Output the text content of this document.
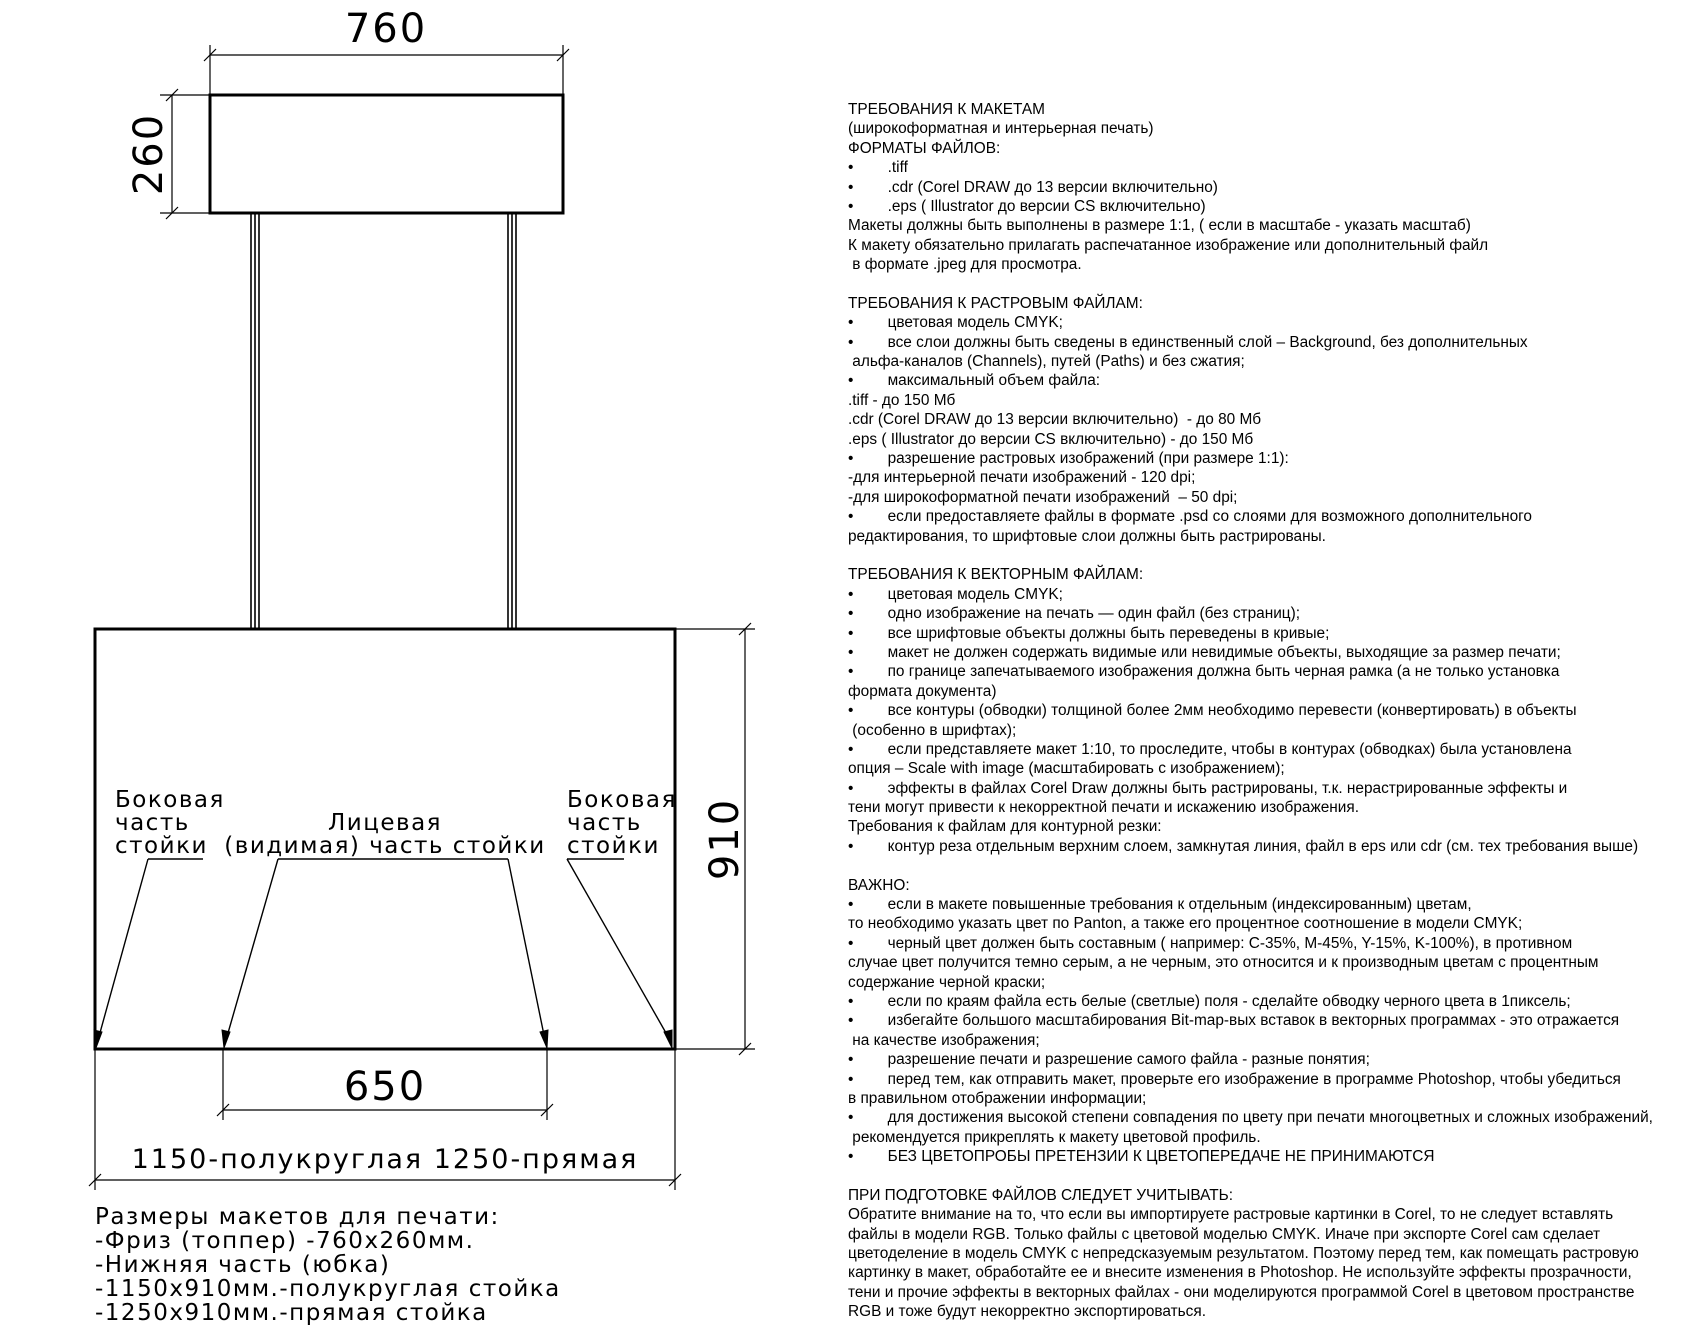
760
260
910
650
1150-полукруглая 1250-прямая
Боковая
часть
стойки
Боковая
часть
стойки
Лицевая
(видимая) часть стойки
Размеры макетов для печати:
-Фриз (топпер) -760х260мм.
-Нижняя часть (юбка)
-1150х910мм.-полукруглая стойка
-1250х910мм.-прямая стойка
ТРЕБОВАНИЯ К МАКЕТАМ
(широкоформатная и интерьерная печать)
ФОРМАТЫ ФАЙЛОВ:
•        .tiff
•        .cdr (Corel DRAW до 13 версии включительно)
•        .eps ( Illustrator до версии CS включительно)
Макеты должны быть выполнены в размере 1:1, ( если в масштабе - указать масштаб)
К макету обязательно прилагать распечатанное изображение или дополнительный файл
в формате .jpeg для просмотра.
ТРЕБОВАНИЯ К РАСТРОВЫМ ФАЙЛАМ:
•        цветовая модель CMYK;
•        все слои должны быть сведены в единственный слой – Background, без дополнительных
альфа-каналов (Channels), путей (Paths) и без сжатия;
•        максимальный объем файла:
.tiff - до 150 Мб
.cdr (Corel DRAW до 13 версии включительно)  - до 80 Мб
.eps ( Illustrator до версии CS включительно) - до 150 Мб
•        разрешение растровых изображений (при размере 1:1):
-для интерьерной печати изображений - 120 dpi;
-для широкоформатной печати изображений  – 50 dpi;
•        если предоставляете файлы в формате .psd со слоями для возможного дополнительного
редактирования, то шрифтовые слои должны быть растрированы.
ТРЕБОВАНИЯ К ВЕКТОРНЫМ ФАЙЛАМ:
•        цветовая модель CMYK;
•        одно изображение на печать — один файл (без страниц);
•        все шрифтовые объекты должны быть переведены в кривые;
•        макет не должен содержать видимые или невидимые объекты, выходящие за размер печати;
•        по границе запечатываемого изображения должна быть черная рамка (а не только установка
формата документа)
•        все контуры (обводки) толщиной более 2мм необходимо перевести (конвертировать) в объекты
(особенно в шрифтах);
•        если представляете макет 1:10, то проследите, чтобы в контурах (обводках) была установлена
опция – Scale with image (масштабировать с изображением);
•        эффекты в файлах Corel Draw должны быть растрированы, т.к. нерастрированные эффекты и
тени могут привести к некорректной печати и искажению изображения.
Требования к файлам для контурной резки:
•        контур реза отдельным верхним слоем, замкнутая линия, файл в eps или cdr (см. тех требования выше)
ВАЖНО:
•        если в макете повышенные требования к отдельным (индексированным) цветам,
то необходимо указать цвет по Panton, а также его процентное соотношение в модели CMYK;
•        черный цвет должен быть составным ( например: C-35%, M-45%, Y-15%, K-100%), в противном
случае цвет получится темно серым, а не черным, это относится и к производным цветам с процентным
содержание черной краски;
•        если по краям файла есть белые (светлые) поля - сделайте обводку черного цвета в 1пиксель;
•        избегайте большого масштабирования Bit-map-вых вставок в векторных программах - это отражается
на качестве изображения;
•        разрешение печати и разрешение самого файла - разные понятия;
•        перед тем, как отправить макет, проверьте его изображение в программе Photoshop, чтобы убедиться
в правильном отображении информации;
•        для достижения высокой степени совпадения по цвету при печати многоцветных и сложных изображений,
рекомендуется прикреплять к макету цветовой профиль.
•        БЕЗ ЦВЕТОПРОБЫ ПРЕТЕНЗИИ К ЦВЕТОПЕРЕДАЧЕ НЕ ПРИНИМАЮТСЯ
ПРИ ПОДГОТОВКЕ ФАЙЛОВ СЛЕДУЕТ УЧИТЫВАТЬ:
Обратите внимание на то, что если вы импортируете растровые картинки в Corel, то не следует вставлять
файлы в модели RGB. Только файлы с цветовой моделью CMYK. Иначе при экспорте Corel сам сделает
цветоделение в модель CMYK с непредсказуемым результатом. Поэтому перед тем, как помещать растровую
картинку в макет, обработайте ее и внесите изменения в Photoshop. Не используйте эффекты прозрачности,
тени и прочие эффекты в векторных файлах - они моделируются программой Corel в цветовом пространстве
RGB и тоже будут некорректно экспортироваться.
